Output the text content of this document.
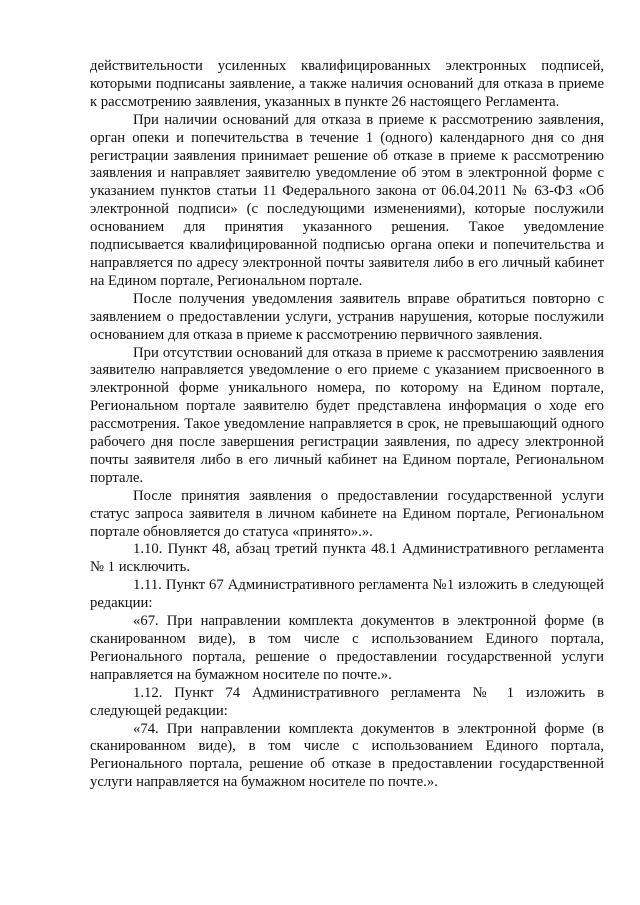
действительности усиленных квалифицированных электронных подписей, которыми подписаны заявление, а также наличия оснований для отказа в приеме к рассмотрению заявления, указанных в пункте 26 настоящего Регламента.

При наличии оснований для отказа в приеме к рассмотрению заявления, орган опеки и попечительства в течение 1 (одного) календарного дня со дня регистрации заявления принимает решение об отказе в приеме к рассмотрению заявления и направляет заявителю уведомление об этом в электронной форме с указанием пунктов статьи 11 Федерального закона от 06.04.2011 № 63-ФЗ «Об электронной подписи» (с последующими изменениями), которые послужили основанием для принятия указанного решения. Такое уведомление подписывается квалифицированной подписью органа опеки и попечительства и направляется по адресу электронной почты заявителя либо в его личный кабинет на Едином портале, Региональном портале.

После получения уведомления заявитель вправе обратиться повторно с заявлением о предоставлении услуги, устранив нарушения, которые послужили основанием для отказа в приеме к рассмотрению первичного заявления.

При отсутствии оснований для отказа в приеме к рассмотрению заявления заявителю направляется уведомление о его приеме с указанием присвоенного в электронной форме уникального номера, по которому на Едином портале, Региональном портале заявителю будет представлена информация о ходе его рассмотрения. Такое уведомление направляется в срок, не превышающий одного рабочего дня после завершения регистрации заявления, по адресу электронной почты заявителя либо в его личный кабинет на Едином портале, Региональном портале.

После принятия заявления о предоставлении государственной услуги статус запроса заявителя в личном кабинете на Едином портале, Региональном портале обновляется до статуса «принято».».

1.10. Пункт 48, абзац третий пункта 48.1 Административного регламента № 1 исключить.

1.11. Пункт 67 Административного регламента №1 изложить в следующей редакции:

«67. При направлении комплекта документов в электронной форме (в сканированном виде), в том числе с использованием Единого портала, Регионального портала, решение о предоставлении государственной услуги направляется на бумажном носителе по почте.».

1.12. Пункт 74 Административного регламента № 1 изложить в следующей редакции:

«74. При направлении комплекта документов в электронной форме (в сканированном виде), в том числе с использованием Единого портала, Регионального портала, решение об отказе в предоставлении государственной услуги направляется на бумажном носителе по почте.».
